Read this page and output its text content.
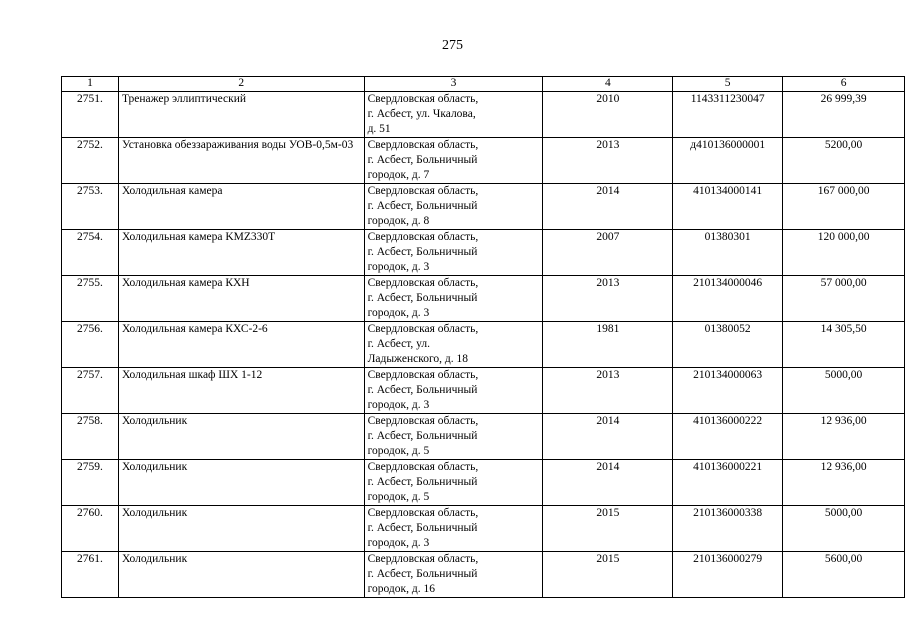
275
1	2	3	4	5	6
2751.	Тренажер эллиптический	Свердловская область,
г. Асбест, ул. Чкалова,
д. 51	2010	1143311230047	26 999,39
2752.	Установка обеззараживания воды УОВ-0,5м-03	Свердловская область,
г. Асбест, Больничный
городок, д. 7	2013	д410136000001	5200,00
2753.	Холодильная камера	Свердловская область,
г. Асбест, Больничный
городок, д. 8	2014	410134000141	167 000,00
2754.	Холодильная камера KMZ330T	Свердловская область,
г. Асбест, Больничный
городок, д. 3	2007	01380301	120 000,00
2755.	Холодильная камера КХН	Свердловская область,
г. Асбест, Больничный
городок, д. 3	2013	210134000046	57 000,00
2756.	Холодильная камера КХС-2-6	Свердловская область,
г. Асбест, ул.
Ладыженского, д. 18	1981	01380052	14 305,50
2757.	Холодильная шкаф ШХ 1-12	Свердловская область,
г. Асбест, Больничный
городок, д. 3	2013	210134000063	5000,00
2758.	Холодильник	Свердловская область,
г. Асбест, Больничный
городок, д. 5	2014	410136000222	12 936,00
2759.	Холодильник	Свердловская область,
г. Асбест, Больничный
городок, д. 5	2014	410136000221	12 936,00
2760.	Холодильник	Свердловская область,
г. Асбест, Больничный
городок, д. 3	2015	210136000338	5000,00
2761.	Холодильник	Свердловская область,
г. Асбест, Больничный
городок, д. 16	2015	210136000279	5600,00
